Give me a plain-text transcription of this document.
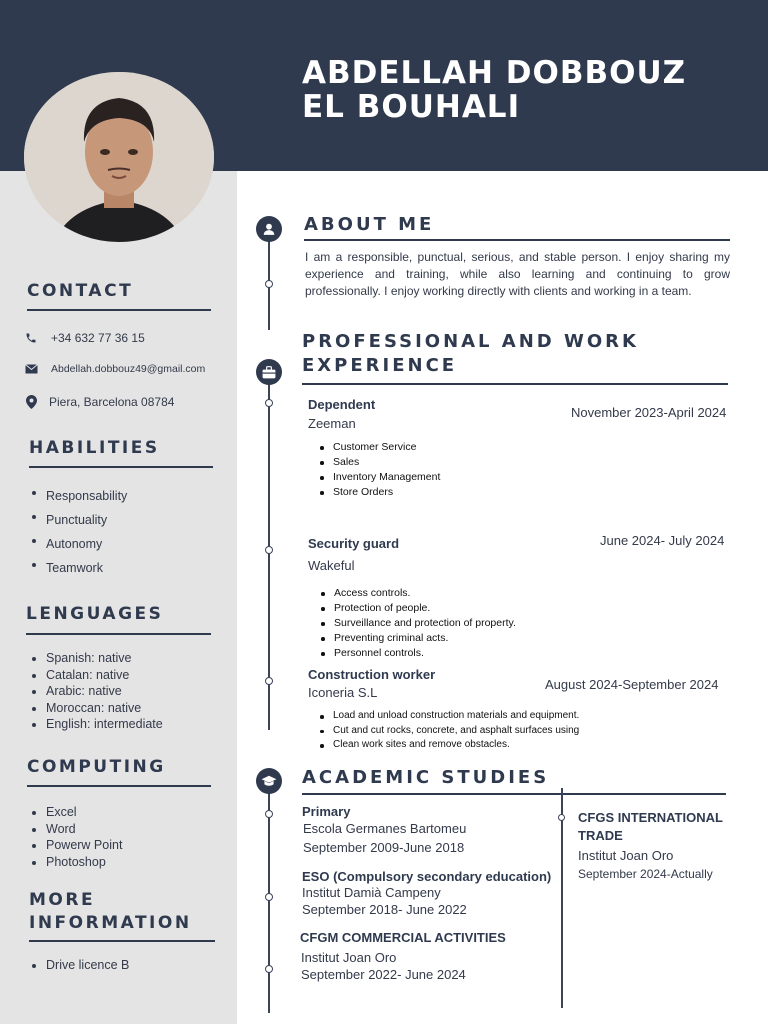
ABDELLAH DOBBOUZ
EL BOUHALI
CONTACT
+34 632 77 36 15
Abdellah.dobbouz49@gmail.com
Piera, Barcelona 08784
HABILITIES
Responsability
Punctuality
Autonomy
Teamwork
LENGUAGES
Spanish: native
Catalan: native
Arabic: native
Moroccan: native
English: intermediate
COMPUTING
Excel
Word
Powerw Point
Photoshop
MORE
INFORMATION
Drive licence B
ABOUT ME
I am a responsible, punctual, serious, and stable person. I enjoy sharing my experience and training, while also learning and continuing to grow professionally. I enjoy working directly with clients and working in a team.
PROFESSIONAL AND WORK
EXPERIENCE
Dependent
Zeeman
November 2023-April 2024
Customer Service
Sales
Inventory Management
Store Orders
Security guard
Wakeful
June 2024- July 2024
Access controls.
Protection of people.
Surveillance and protection of property.
Preventing criminal acts.
Personnel controls.
Construction worker
Iconeria S.L
August 2024-September 2024
Load and unload construction materials and equipment.
Cut and cut rocks, concrete, and asphalt surfaces using
Clean work sites and remove obstacles.
ACADEMIC STUDIES
Primary
Escola Germanes Bartomeu
September 2009-June 2018
ESO (Compulsory secondary education)
Institut Damià Campeny
September 2018- June 2022
CFGM COMMERCIAL ACTIVITIES
Institut Joan Oro
September 2022- June 2024
CFGS INTERNATIONAL
TRADE
Institut Joan Oro
September 2024-Actually
